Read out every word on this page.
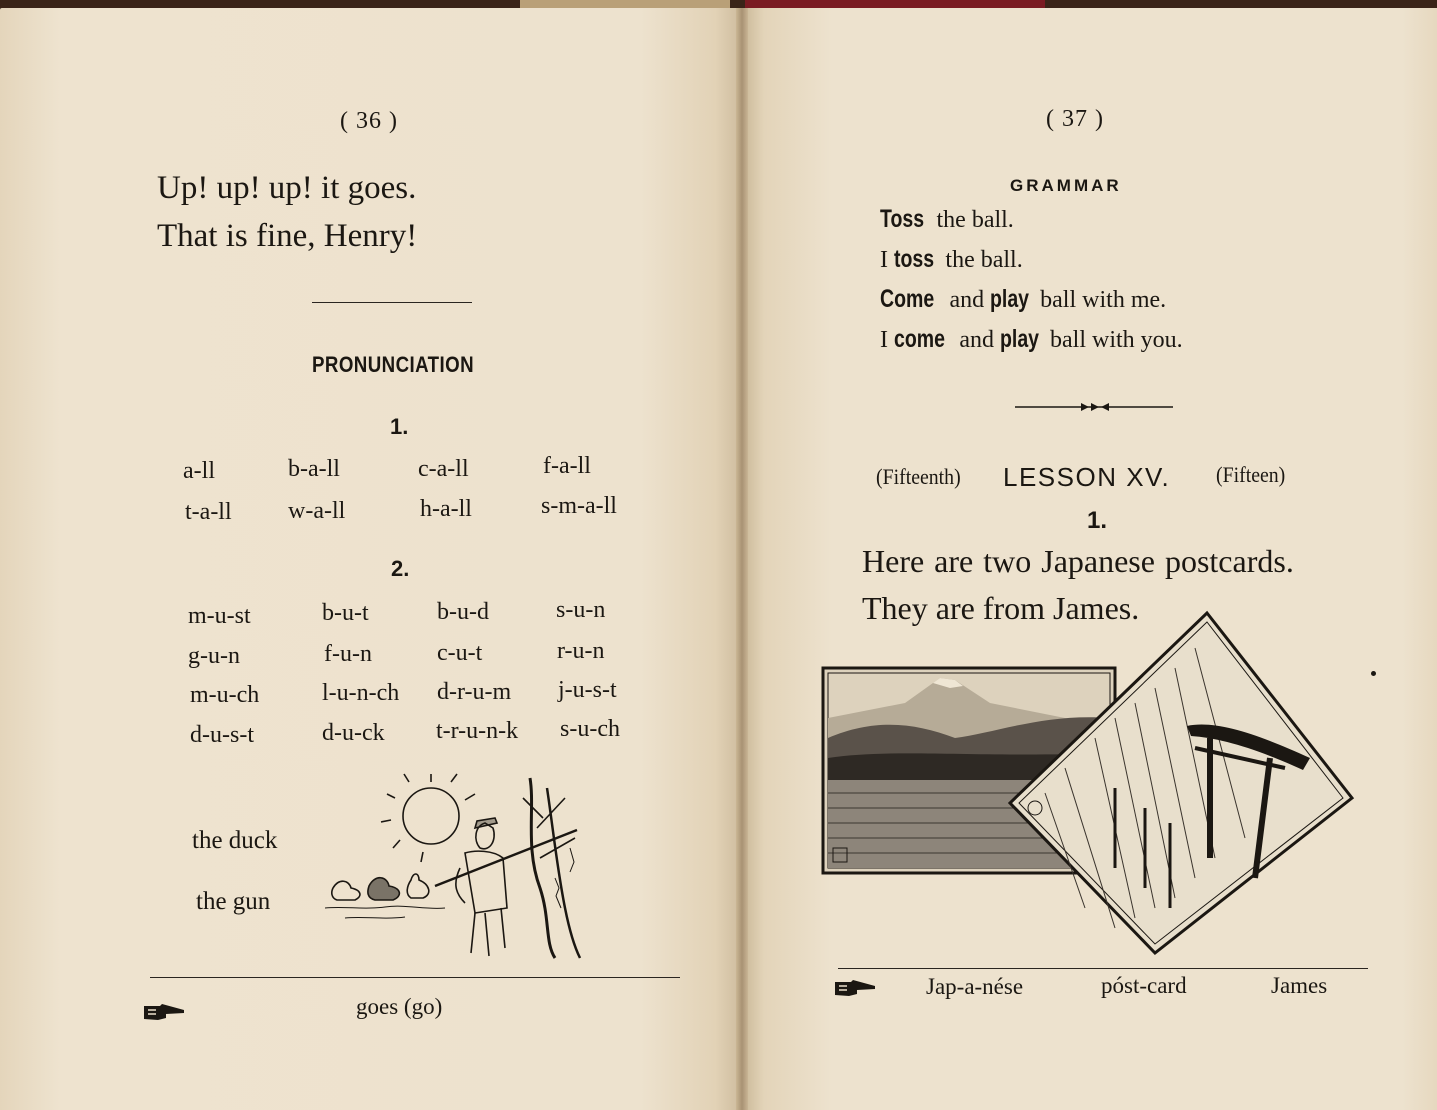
( 36 )
Up! up! up! it goes.
That is fine, Henry!
PRONUNCIATION
1.
a-ll	b-a-ll	c-a-ll	f-a-ll
t-a-ll w-a-ll	h-a-ll	s-m-a-ll
2.
m-u-st	b-u-t	b-u-d	s-u-n
g-u-n	f-u-n	c-u-t	r-u-n
m-u-ch	l-u-n-ch d-r-u-m j-u-s-t
d-u-s-t	d-u-ck t-r-u-n-k s-u-ch
the duck
the gun
goes (go)
( 37 )
GRAMMAR
Toss the ball.
I toss the ball.
Come and play ball with me.
I come and play ball with you.
(Fifteenth) LESSON XV. (Fifteen)
1.
Here are two Japanese postcards.
They are from James.
Jap-a-nése	póst-card	James
